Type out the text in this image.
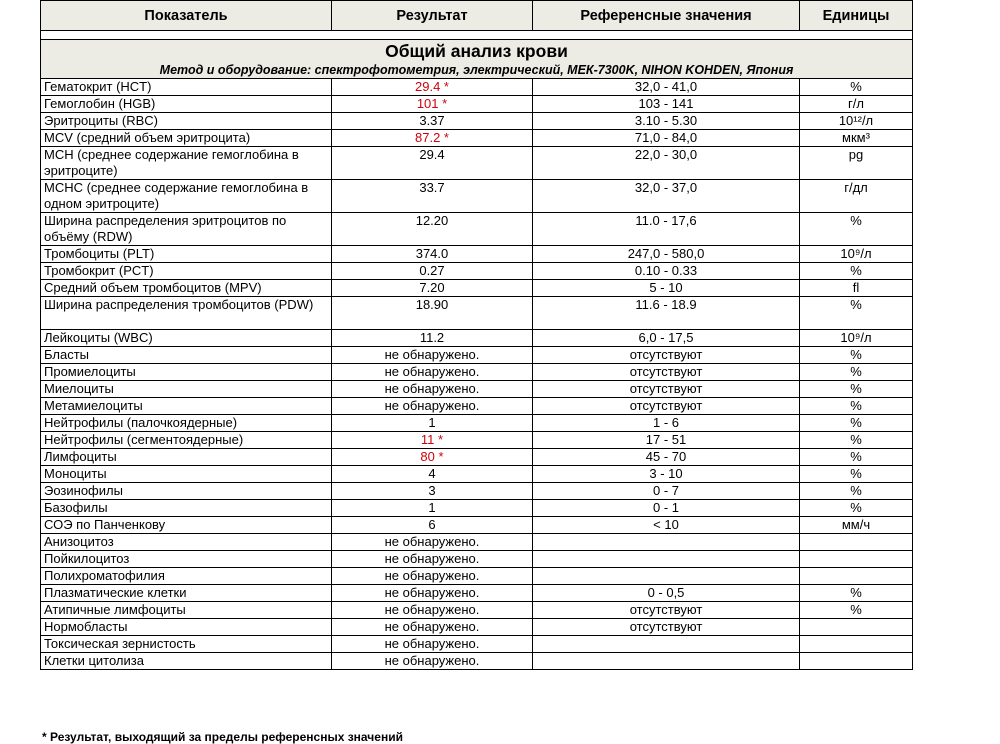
Показатель	Результат	Референсные значения	Единицы

Общий анализ крови			
Метод и оборудование: спектрофотометрия, электрический, МЕК-7300K, NIHON KOHDEN, Япония			
Гематокрит (HCT)	29.4 *	32,0 - 41,0	%
Гемоглобин (HGB)	101 *	103 - 141	г/л
Эритроциты (RBC)	3.37	3.10 - 5.30	10¹²/л
MCV (средний объем эритроцита)	87.2 *	71,0 - 84,0	мкм³
MCH (среднее содержание гемоглобина в эритроците)	29.4	22,0 - 30,0	pg
MCHC (среднее содержание гемоглобина в одном эритроците)	33.7	32,0 - 37,0	г/дл
Ширина распределения эритроцитов по объёму (RDW)	12.20	11.0 - 17,6	%
Тромбоциты (PLT)	374.0	247,0 - 580,0	10⁹/л
Тромбокрит (PCT)	0.27	0.10 - 0.33	%
Средний объем тромбоцитов (MPV)	7.20	5 - 10	fl
Ширина распределения тромбоцитов (PDW)	18.90	11.6 - 18.9	%
Лейкоциты (WBC)	11.2	6,0 - 17,5	10⁹/л
Бласты	не обнаружено.	отсутствуют	%
Промиелоциты	не обнаружено.	отсутствуют	%
Миелоциты	не обнаружено.	отсутствуют	%
Метамиелоциты	не обнаружено.	отсутствуют	%
Нейтрофилы (палочкоядерные)	1	1 - 6	%
Нейтрофилы (сегментоядерные)	11 *	17 - 51	%
Лимфоциты	80 *	45 - 70	%
Моноциты	4	3 - 10	%
Эозинофилы	3	0 - 7	%
Базофилы	1	0 - 1	%
СОЭ по Панченкову	6	< 10	мм/ч
Анизоцитоз	не обнаружено.		
Пойкилоцитоз	не обнаружено.		
Полихроматофилия	не обнаружено.		
Плазматические клетки	не обнаружено.	0 - 0,5	%
Атипичные лимфоциты	не обнаружено.	отсутствуют	%
Нормобласты	не обнаружено.	отсутствуют	
Токсическая зернистость	не обнаружено.		
Клетки цитолиза	не обнаружено.		
* Результат, выходящий за пределы референсных значений
